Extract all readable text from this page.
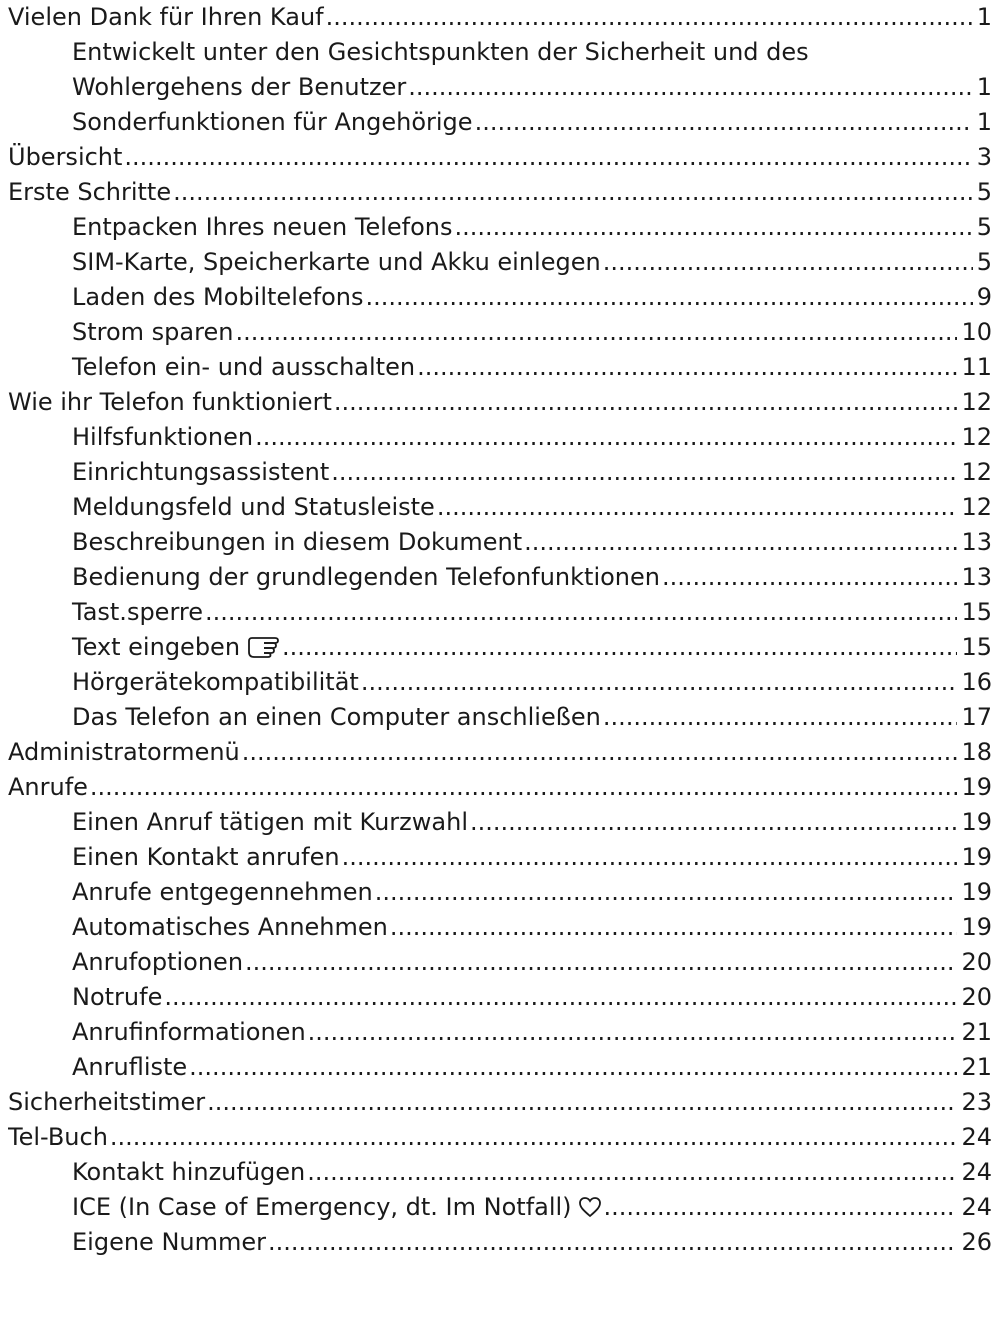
Vielen Dank für Ihren Kauf .....	1
Entwickelt unter den Gesichtspunkten der Sicherheit und des
Wohlergehens der Benutzer .....	1
Sonderfunktionen für Angehörige .....	1
Übersicht .....	3
Erste Schritte .....	5
Entpacken Ihres neuen Telefons .....	5
SIM-Karte, Speicherkarte und Akku einlegen .....	5
Laden des Mobiltelefons .....	9
Strom sparen .....	10
Telefon ein- und ausschalten .....	11
Wie ihr Telefon funktioniert .....	12
Hilfsfunktionen .....	12
Einrichtungsassistent .....	12
Meldungsfeld und Statusleiste .....	12
Beschreibungen in diesem Dokument .....	13
Bedienung der grundlegenden Telefonfunktionen .....	13
Tast.sperre .....	15
Text eingeben .....	15
Hörgerätekompatibilität .....	16
Das Telefon an einen Computer anschließen .....	17
Administratormenü .....	18
Anrufe .....	19
Einen Anruf tätigen mit Kurzwahl .....	19
Einen Kontakt anrufen .....	19
Anrufe entgegennehmen .....	19
Automatisches Annehmen .....	19
Anrufoptionen .....	20
Notrufe .....	20
Anrufinformationen .....	21
Anrufliste .....	21
Sicherheitstimer .....	23
Tel-Buch .....	24
Kontakt hinzufügen .....	24
ICE (In Case of Emergency, dt. Im Notfall) .....	24
Eigene Nummer .....	26
